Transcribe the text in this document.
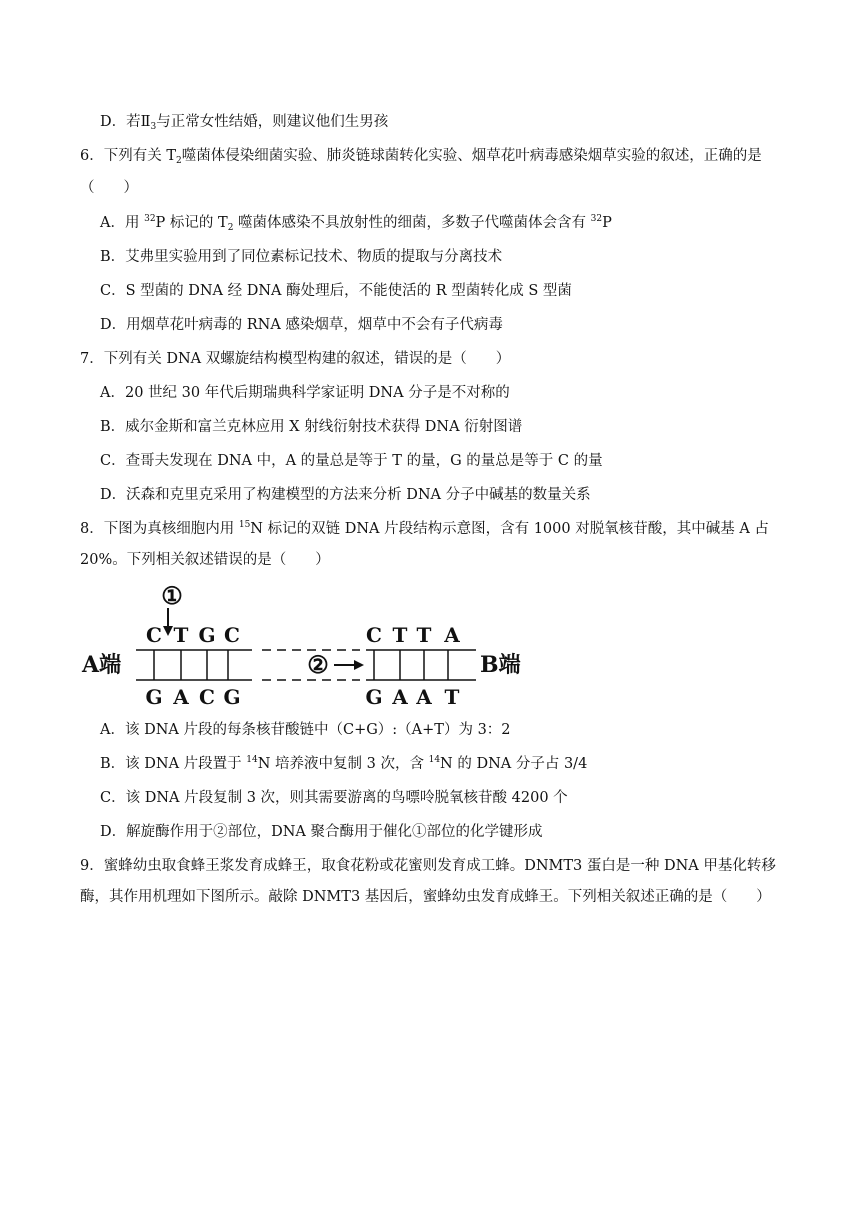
D．若$Ⅱ_3$与正常女性结婚，则建议他们生男孩
6．下列有关 $T_2$噬菌体侵染细菌实验、肺炎链球菌转化实验、烟草花叶病毒感染烟草实验的叙述，正确的是
（　　）
A．用 $^{32}$P 标记的 $T_2$ 噬菌体感染不具放射性的细菌，多数子代噬菌体会含有 $^{32}$P
B．艾弗里实验用到了同位素标记技术、物质的提取与分离技术
C．S 型菌的 DNA 经 DNA 酶处理后，不能使活的 R 型菌转化成 S 型菌
D．用烟草花叶病毒的 RNA 感染烟草，烟草中不会有子代病毒
7．下列有关 DNA 双螺旋结构模型构建的叙述，错误的是（　　）
A．20 世纪 30 年代后期瑞典科学家证明 DNA 分子是不对称的
B．威尔金斯和富兰克林应用 X 射线衍射技术获得 DNA 衍射图谱
C．查哥夫发现在 DNA 中，A 的量总是等于 T 的量，G 的量总是等于 C 的量
D．沃森和克里克采用了构建模型的方法来分析 DNA 分子中碱基的数量关系
8．下图为真核细胞内用 $^{15}$N 标记的双链 DNA 片段结构示意图，含有 1000 对脱氧核苷酸，其中碱基 A 占
20%。下列相关叙述错误的是（　　）
①
C T G C	C T T A
②
A端	B端
G A C G	G A A T
A．该 DNA 片段的每条核苷酸链中（C+G）:（A+T）为 3：2
B．该 DNA 片段置于 $^{14}$N 培养液中复制 3 次，含 $^{14}$N 的 DNA 分子占 3/4
C．该 DNA 片段复制 3 次，则其需要游离的鸟嘌呤脱氧核苷酸 4200 个
D．解旋酶作用于②部位，DNA 聚合酶用于催化①部位的化学键形成
9．蜜蜂幼虫取食蜂王浆发育成蜂王，取食花粉或花蜜则发育成工蜂。DNMT3 蛋白是一种 DNA 甲基化转移
酶，其作用机理如下图所示。敲除 DNMT3 基因后，蜜蜂幼虫发育成蜂王。下列相关叙述正确的是（　　）
